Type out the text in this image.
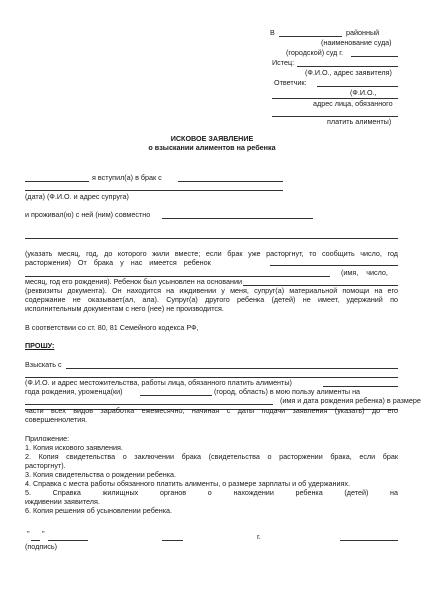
В	районный
(наименование суда)
(городской) суд г.
Истец:
(Ф.И.О., адрес заявителя)
Ответчик:
(Ф.И.О.,
адрес лица, обязанного
платить алименты)
ИСКОВОЕ ЗАЯВЛЕНИЕ
о взыскании алиментов на ребенка
я вступил(а) в брак с
(дата) (Ф.И.О. и адрес супруга)
и проживал(ю) с ней (ним) совместно
(указать месяц, год, до которого жили вместе; если брак уже расторгнут, то сообщить число, год
расторжения) От брака у нас имеется ребенок
(имя, число,
месяц, год его рождения). Ребенок был усыновлен на основании
(реквизиты документа). Он находится на иждивении у меня, супруг(а) материальной помощи на его
содержание не оказывает(ал, ала). Супруг(а) другого ребенка (детей) не имеет, удержаний по
исполнительным документам с него (нее) не производится.
В соответствии со ст. 80, 81 Семейного кодекса РФ,
ПРОШУ:
Взыскать с
(Ф.И.О. и адрес местожительства, работы лица, обязанного платить алименты)
года рождения, уроженца(ки)	(город, область) в мою пользу алименты на
(имя и дата рождения ребенка) в размере
части всех видов заработка ежемесячно, начиная с даты подачи заявления (указать) до его
совершеннолетия.
Приложение:
1. Копия искового заявления.
2. Копия свидетельства о заключении брака (свидетельства о расторжении брака, если брак
расторгнут).
3. Копия свидетельства о рождении ребенка.
4. Справка с места работы обязанного платить алименты, о размере зарплаты и об удержаниях.
5. Справка жилищных органов о нахождении ребенка (детей) на
иждивении заявителя.
6. Копия решения об усыновлении ребенка.
" "	г.
(подпись)
